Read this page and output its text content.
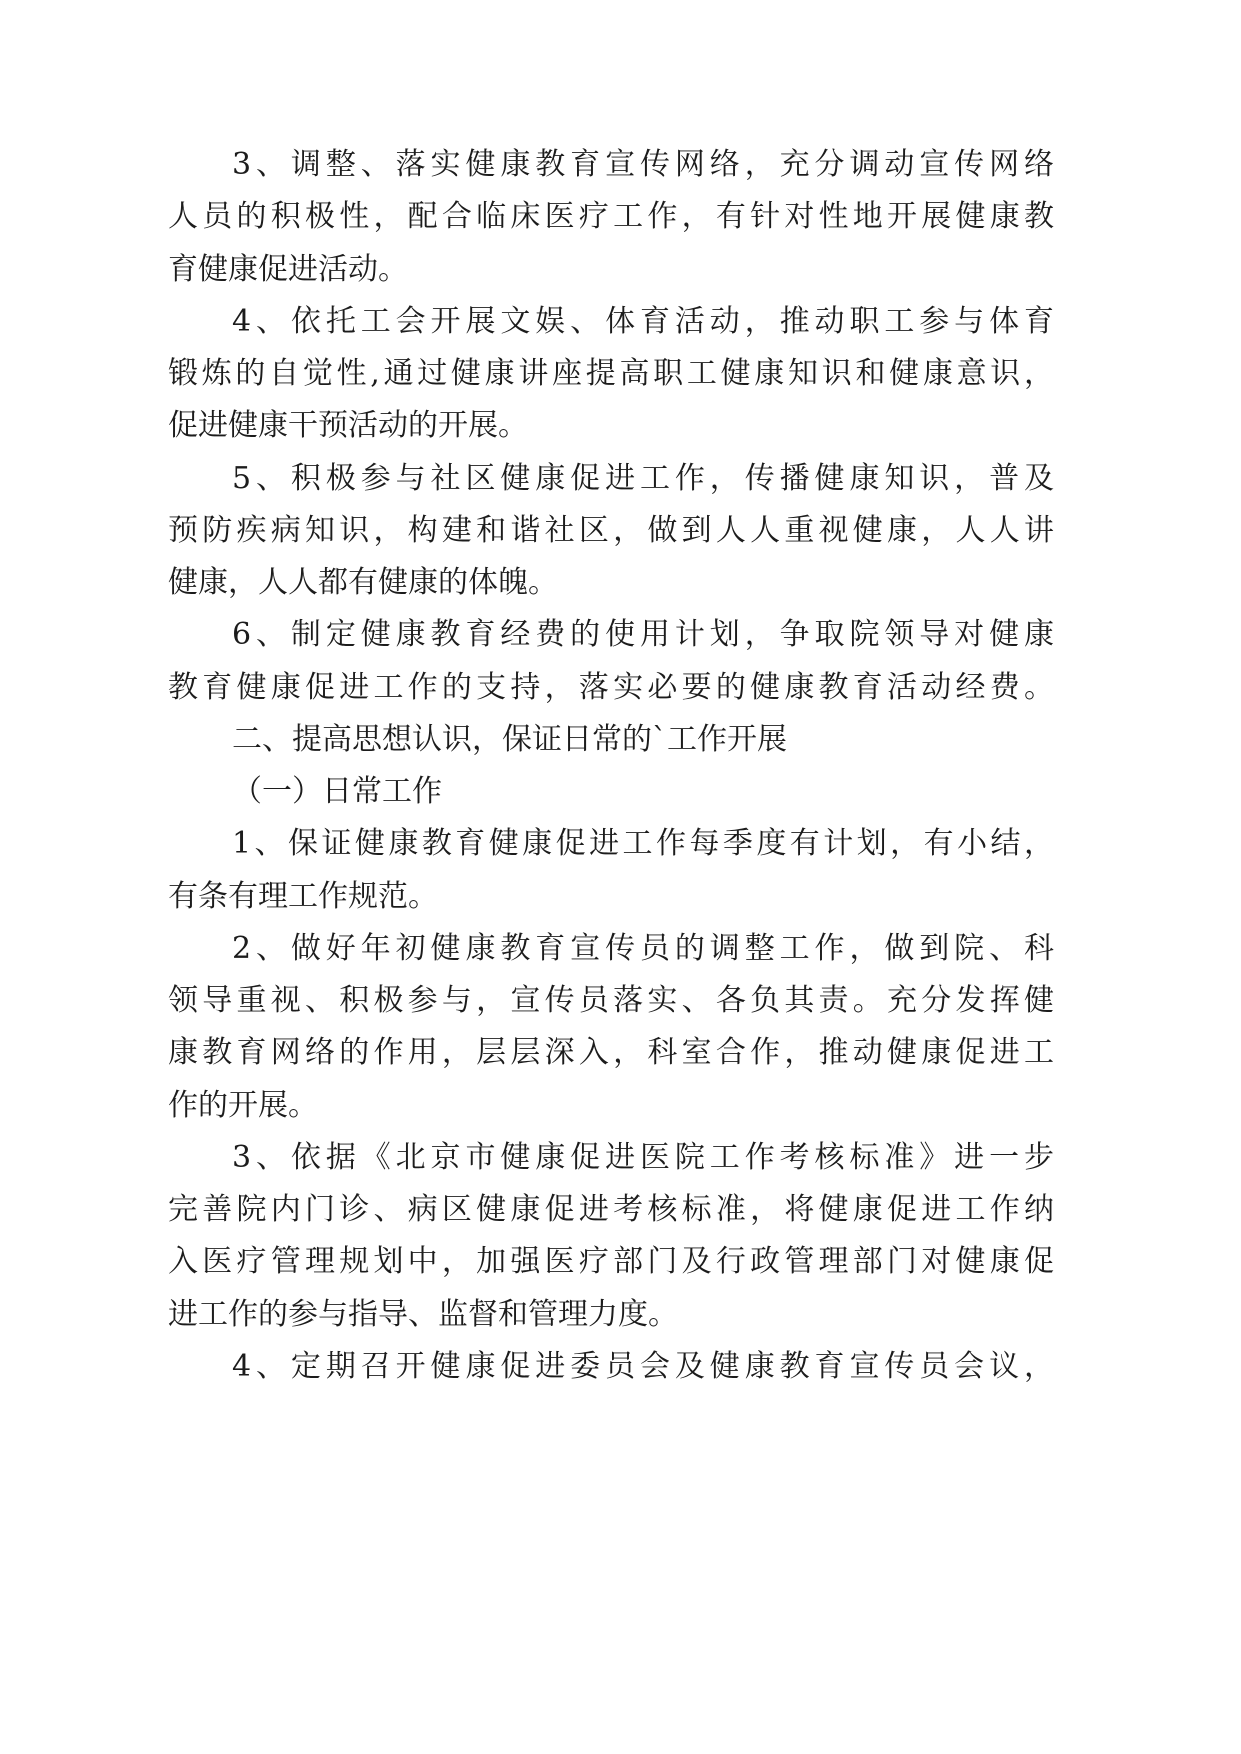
3、调整、落实健康教育宣传网络，充分调动宣传网络
人员的积极性，配合临床医疗工作，有针对性地开展健康教
育健康促进活动。
4、依托工会开展文娱、体育活动，推动职工参与体育
锻炼的自觉性,通过健康讲座提高职工健康知识和健康意识，
促进健康干预活动的开展。
5、积极参与社区健康促进工作，传播健康知识，普及
预防疾病知识，构建和谐社区，做到人人重视健康，人人讲
健康，人人都有健康的体魄。
6、制定健康教育经费的使用计划，争取院领导对健康
教育健康促进工作的支持，落实必要的健康教育活动经费。
二、提高思想认识，保证日常的`工作开展
（一）日常工作
1、保证健康教育健康促进工作每季度有计划，有小结，
有条有理工作规范。
2、做好年初健康教育宣传员的调整工作，做到院、科
领导重视、积极参与，宣传员落实、各负其责。充分发挥健
康教育网络的作用，层层深入，科室合作，推动健康促进工
作的开展。
3、依据《北京市健康促进医院工作考核标准》进一步
完善院内门诊、病区健康促进考核标准，将健康促进工作纳
入医疗管理规划中，加强医疗部门及行政管理部门对健康促
进工作的参与指导、监督和管理力度。
4、定期召开健康促进委员会及健康教育宣传员会议，
